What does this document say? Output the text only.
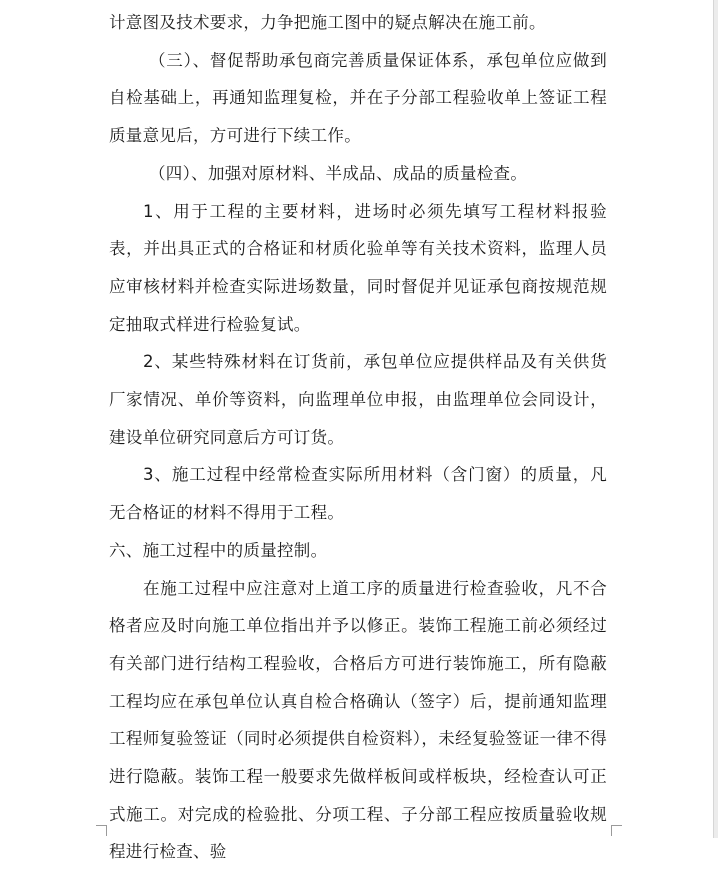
计意图及技术要求，力争把施工图中的疑点解决在施工前。

（三）、督促帮助承包商完善质量保证体系，承包单位应做到自检基础上，再通知监理复检，并在子分部工程验收单上签证工程质量意见后，方可进行下续工作。

（四）、加强对原材料、半成品、成品的质量检查。

1、用于工程的主要材料，进场时必须先填写工程材料报验表，并出具正式的合格证和材质化验单等有关技术资料，监理人员应审核材料并检查实际进场数量，同时督促并见证承包商按规范规定抽取式样进行检验复试。

2、某些特殊材料在订货前，承包单位应提供样品及有关供货厂家情况、单价等资料，向监理单位申报，由监理单位会同设计，建设单位研究同意后方可订货。

3、施工过程中经常检查实际所用材料（含门窗）的质量，凡无合格证的材料不得用于工程。

六、施工过程中的质量控制。

在施工过程中应注意对上道工序的质量进行检查验收，凡不合格者应及时向施工单位指出并予以修正。装饰工程施工前必须经过有关部门进行结构工程验收，合格后方可进行装饰施工，所有隐蔽工程均应在承包单位认真自检合格确认（签字）后，提前通知监理工程师复验签证（同时必须提供自检资料），未经复验签证一律不得进行隐蔽。装饰工程一般要求先做样板间或样板块，经检查认可正式施工。对完成的检验批、分项工程、子分部工程应按质量验收规程进行检查、验
